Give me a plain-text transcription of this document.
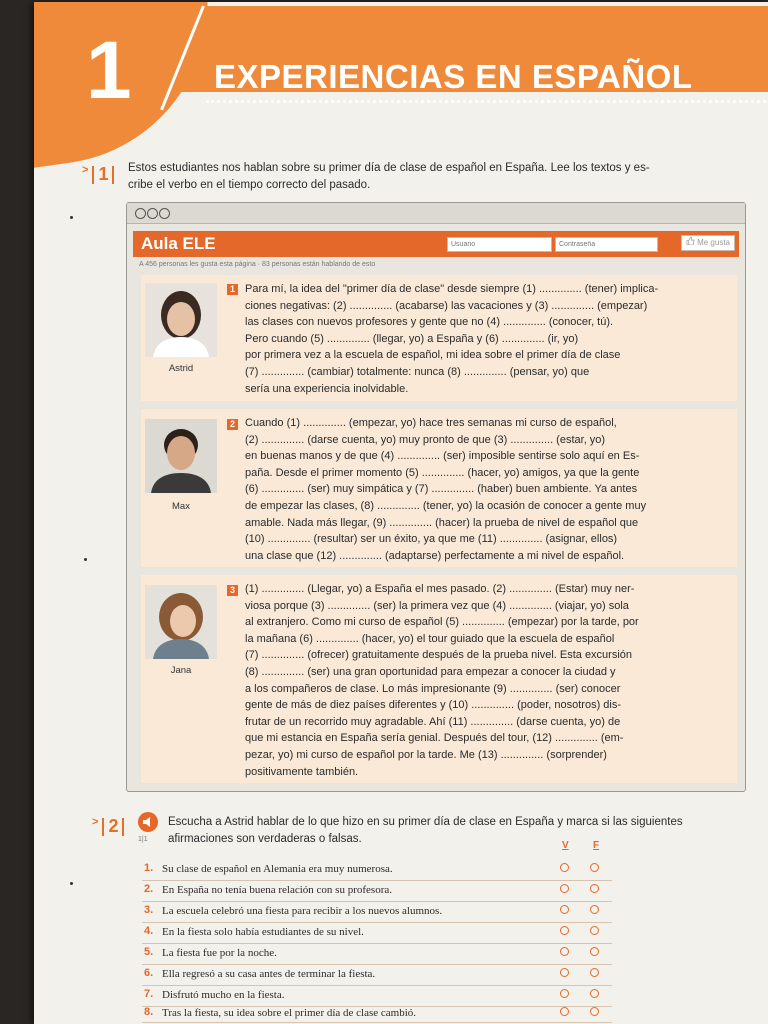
1 EXPERIENCIAS EN ESPAÑOL
> 1	Estos estudiantes nos hablan sobre su primer día de clase de español en España. Lee los textos y es-
cribe el verbo en el tiempo correcto del pasado.
Aula ELE
Usuario
Contraseña	Me gusta
A 456 personas les gusta esta página · 83 personas están hablando de esto
Astrid
1 Para mí, la idea del "primer día de clase" desde siempre (1) .............. (tener) implica-
ciones negativas: (2) .............. (acabarse) las vacaciones y (3) .............. (empezar)
las clases con nuevos profesores y gente que no (4) .............. (conocer, tú).
Pero cuando (5) .............. (llegar, yo) a España y (6) .............. (ir, yo)
por primera vez a la escuela de español, mi idea sobre el primer día de clase
(7) .............. (cambiar) totalmente: nunca (8) .............. (pensar, yo) que
sería una experiencia inolvidable.
Max
2 Cuando (1) .............. (empezar, yo) hace tres semanas mi curso de español,
(2) .............. (darse cuenta, yo) muy pronto de que (3) .............. (estar, yo)
en buenas manos y de que (4) .............. (ser) imposible sentirse solo aquí en Es-
paña. Desde el primer momento (5) .............. (hacer, yo) amigos, ya que la gente
(6) .............. (ser) muy simpática y (7) .............. (haber) buen ambiente. Ya antes
de empezar las clases, (8) .............. (tener, yo) la ocasión de conocer a gente muy
amable. Nada más llegar, (9) .............. (hacer) la prueba de nivel de español que
(10) .............. (resultar) ser un éxito, ya que me (11) .............. (asignar, ellos)
una clase que (12) .............. (adaptarse) perfectamente a mi nivel de español.
Jana
3 (1) .............. (Llegar, yo) a España el mes pasado. (2) .............. (Estar) muy ner-
viosa porque (3) .............. (ser) la primera vez que (4) .............. (viajar, yo) sola
al extranjero. Como mi curso de español (5) .............. (empezar) por la tarde, por
la mañana (6) .............. (hacer, yo) el tour guiado que la escuela de español
(7) .............. (ofrecer) gratuitamente después de la prueba nivel. Esta excursión
(8) .............. (ser) una gran oportunidad para empezar a conocer la ciudad y
a los compañeros de clase. Lo más impresionante (9) .............. (ser) conocer
gente de más de diez países diferentes y (10) .............. (poder, nosotros) dis-
frutar de un recorrido muy agradable. Ahí (11) .............. (darse cuenta, yo) de
que mi estancia en España sería genial. Después del tour, (12) .............. (em-
pezar, yo) mi curso de español por la tarde. Me (13) .............. (sorprender)
positivamente también.
> 2
1|1
Escucha a Astrid hablar de lo que hizo en su primer día de clase en España y marca si las siguientes
afirmaciones son verdaderas o falsas.
V F
1. Su clase de español en Alemania era muy numerosa.
2. En España no tenía buena relación con su profesora.
3. La escuela celebró una fiesta para recibir a los nuevos alumnos.
4. En la fiesta solo había estudiantes de su nivel.
5. La fiesta fue por la noche.
6. Ella regresó a su casa antes de terminar la fiesta.
7. Disfrutó mucho en la fiesta.
8. Tras la fiesta, su idea sobre el primer día de clase cambió.
